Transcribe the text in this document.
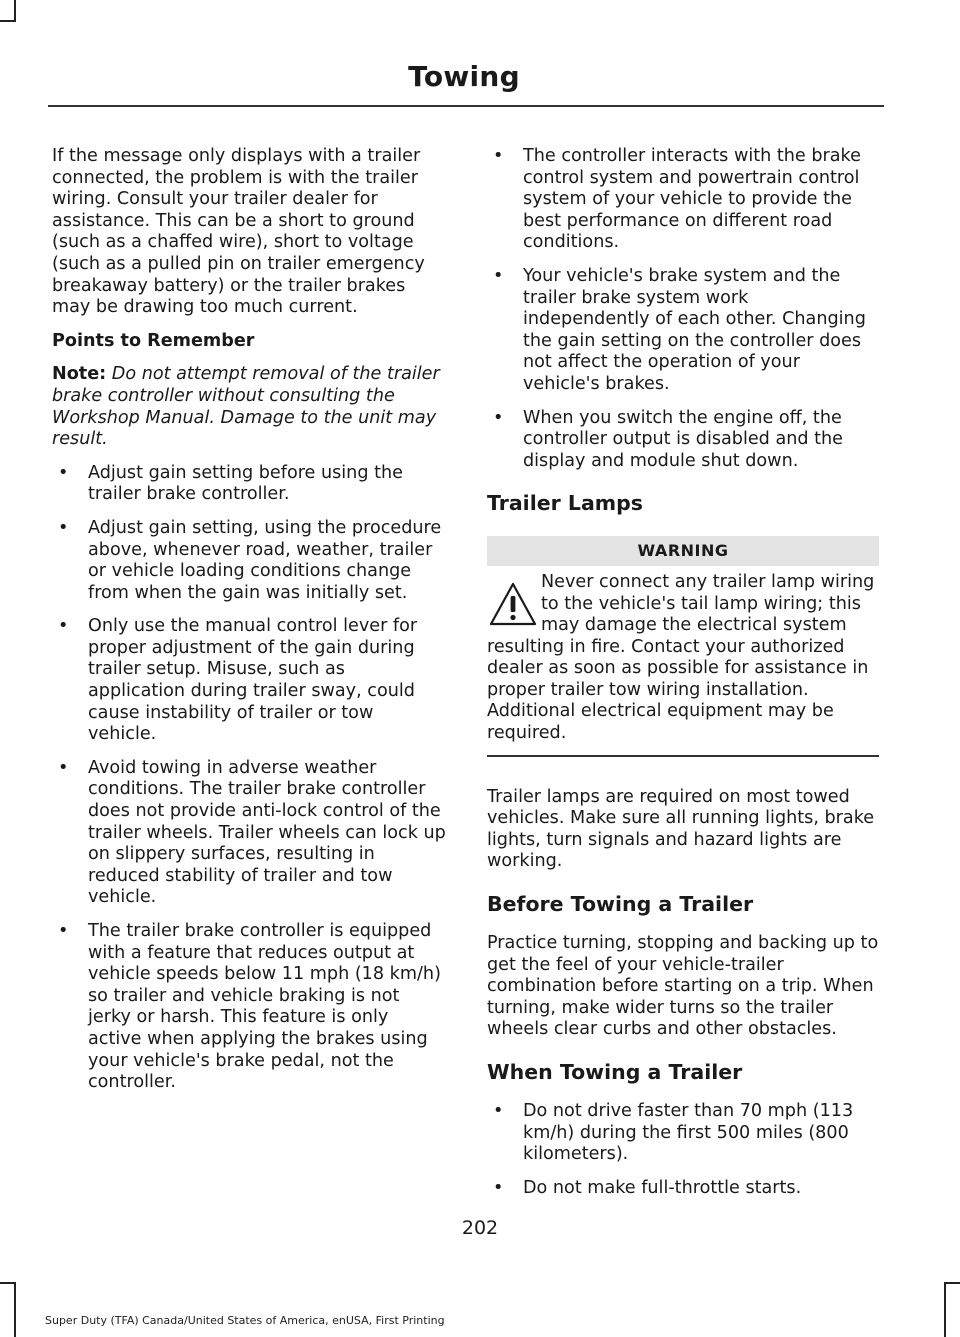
Towing

If the message only displays with a trailer connected, the problem is with the trailer wiring. Consult your trailer dealer for assistance. This can be a short to ground (such as a chaffed wire), short to voltage (such as a pulled pin on trailer emergency breakaway battery) or the trailer brakes may be drawing too much current.

Points to Remember

Note: Do not attempt removal of the trailer brake controller without consulting the Workshop Manual. Damage to the unit may result.

• Adjust gain setting before using the trailer brake controller.
• Adjust gain setting, using the procedure above, whenever road, weather, trailer or vehicle loading conditions change from when the gain was initially set.
• Only use the manual control lever for proper adjustment of the gain during trailer setup. Misuse, such as application during trailer sway, could cause instability of trailer or tow vehicle.
• Avoid towing in adverse weather conditions. The trailer brake controller does not provide anti-lock control of the trailer wheels. Trailer wheels can lock up on slippery surfaces, resulting in reduced stability of trailer and tow vehicle.
• The trailer brake controller is equipped with a feature that reduces output at vehicle speeds below 11 mph (18 km/h) so trailer and vehicle braking is not jerky or harsh. This feature is only active when applying the brakes using your vehicle's brake pedal, not the controller.
• The controller interacts with the brake control system and powertrain control system of your vehicle to provide the best performance on different road conditions.
• Your vehicle's brake system and the trailer brake system work independently of each other. Changing the gain setting on the controller does not affect the operation of your vehicle's brakes.
• When you switch the engine off, the controller output is disabled and the display and module shut down.
Trailer Lamps
WARNING
Never connect any trailer lamp wiring to the vehicle's tail lamp wiring; this may damage the electrical system resulting in fire. Contact your authorized dealer as soon as possible for assistance in proper trailer tow wiring installation. Additional electrical equipment may be required.

Trailer lamps are required on most towed vehicles. Make sure all running lights, brake lights, turn signals and hazard lights are working.

Before Towing a Trailer

Practice turning, stopping and backing up to get the feel of your vehicle-trailer combination before starting on a trip. When turning, make wider turns so the trailer wheels clear curbs and other obstacles.

When Towing a Trailer
• Do not drive faster than 70 mph (113 km/h) during the first 500 miles (800 kilometers).
• Do not make full-throttle starts.
202
Super Duty (TFA) Canada/United States of America, enUSA, First Printing
